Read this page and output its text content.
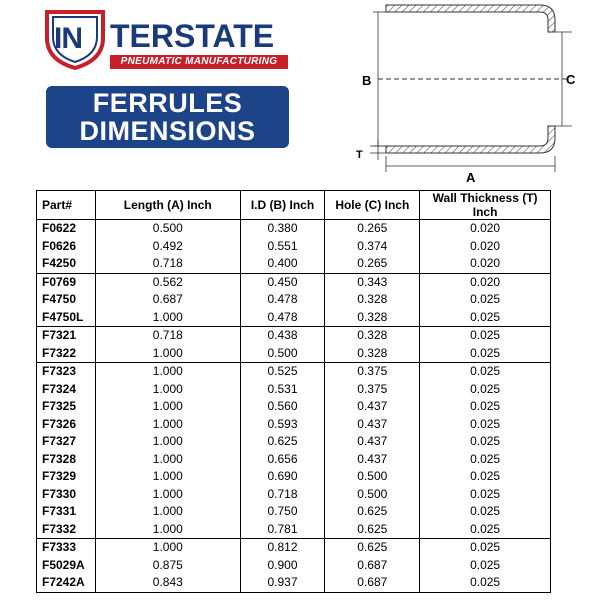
IN TERSTATE
PNEUMATIC MANUFACTURING
FERRULES
DIMENSIONS
B	C
T
A
Part#	Length (A) Inch	I.D (B) Inch	Hole (C) Inch	Wall Thickness (T) Inch
F0622	0.500	0.380	0.265	0.020
F0626	0.492	0.551	0.374	0.020
F4250	0.718	0.400	0.265	0.020
F0769	0.562	0.450	0.343	0.020
F4750	0.687	0.478	0.328	0.025
F4750L	1.000	0.478	0.328	0.025
F7321	0.718	0.438	0.328	0.025
F7322	1.000	0.500	0.328	0.025
F7323	1.000	0.525	0.375	0.025
F7324	1.000	0.531	0.375	0.025
F7325	1.000	0.560	0.437	0.025
F7326	1.000	0.593	0.437	0.025
F7327	1.000	0.625	0.437	0.025
F7328	1.000	0.656	0.437	0.025
F7329	1.000	0.690	0.500	0.025
F7330	1.000	0.718	0.500	0.025
F7331	1.000	0.750	0.625	0.025
F7332	1.000	0.781	0.625	0.025
F7333	1.000	0.812	0.625	0.025
F5029A	0.875	0.900	0.687	0.025
F7242A	0.843	0.937	0.687	0.025
